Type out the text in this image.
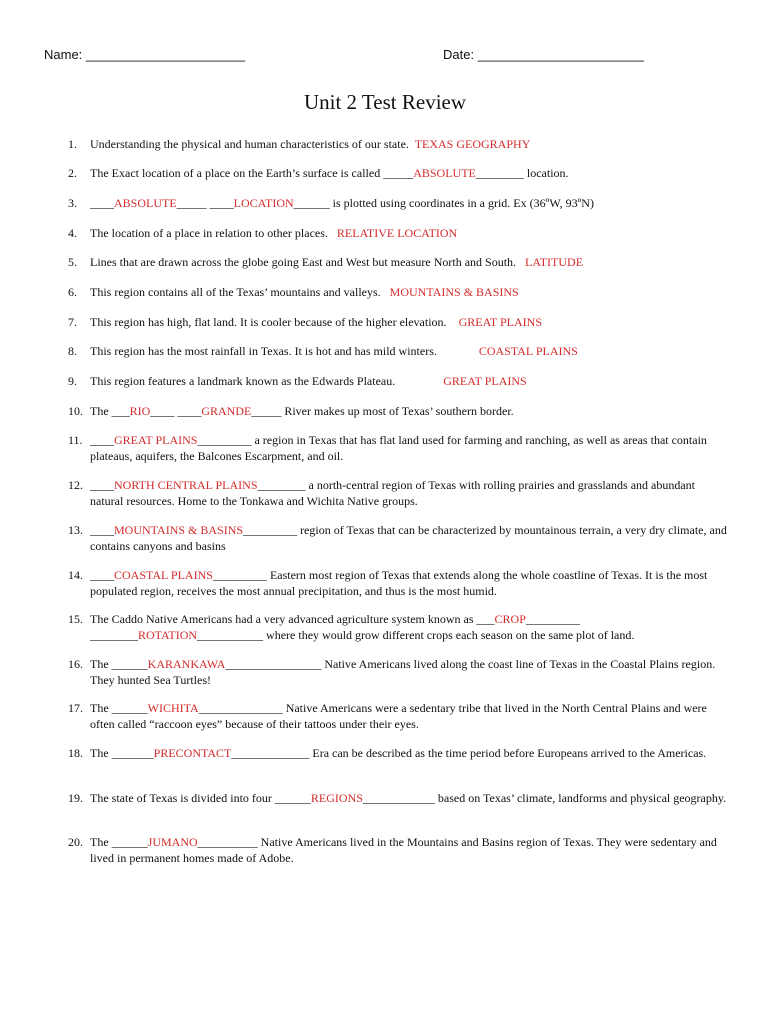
Name: ______________________	Date: _______________________
Unit 2 Test Review
1. Understanding the physical and human characteristics of our state.  TEXAS GEOGRAPHY
2. The Exact location of a place on the Earth’s surface is called _____ABSOLUTE________ location.
3. ____ABSOLUTE_____ ____LOCATION______ is plotted using coordinates in a grid. Ex (36ºW, 93ºN)
4. The location of a place in relation to other places.   RELATIVE LOCATION
5. Lines that are drawn across the globe going East and West but measure North and South.   LATITUDE
6. This region contains all of the Texas’ mountains and valleys.   MOUNTAINS & BASINS
7. This region has high, flat land. It is cooler because of the higher elevation.    GREAT PLAINS
8. This region has the most rainfall in Texas. It is hot and has mild winters.              COASTAL PLAINS
9. This region features a landmark known as the Edwards Plateau.                GREAT PLAINS
10. The ___RIO____ ____GRANDE_____ River makes up most of Texas’ southern border.
11. ____GREAT PLAINS_________ a region in Texas that has flat land used for farming and ranching, as well as areas that contain plateaus, aquifers, the Balcones Escarpment, and oil.
12. ____NORTH CENTRAL PLAINS________ a north-central region of Texas with rolling prairies and grasslands and abundant natural resources. Home to the Tonkawa and Wichita Native groups.
13. ____MOUNTAINS & BASINS_________ region of Texas that can be characterized by mountainous terrain, a very dry climate, and contains canyons and basins
14. ____COASTAL PLAINS_________ Eastern most region of Texas that extends along the whole coastline of Texas. It is the most populated region, receives the most annual precipitation, and thus is the most humid.
15. The Caddo Native Americans had a very advanced agriculture system known as ___CROP_________ ________ROTATION___________ where they would grow different crops each season on the same plot of land.
16. The ______KARANKAWA________________ Native Americans lived along the coast line of Texas in the Coastal Plains region. They hunted Sea Turtles!
17. The ______WICHITA______________ Native Americans were a sedentary tribe that lived in the North Central Plains and were often called “raccoon eyes” because of their tattoos under their eyes.
18. The _______PRECONTACT_____________ Era can be described as the time period before Europeans arrived to the Americas.
19. The state of Texas is divided into four ______REGIONS____________ based on Texas’ climate, landforms and physical geography.
20. The ______JUMANO__________ Native Americans lived in the Mountains and Basins region of Texas. They were sedentary and lived in permanent homes made of Adobe.
